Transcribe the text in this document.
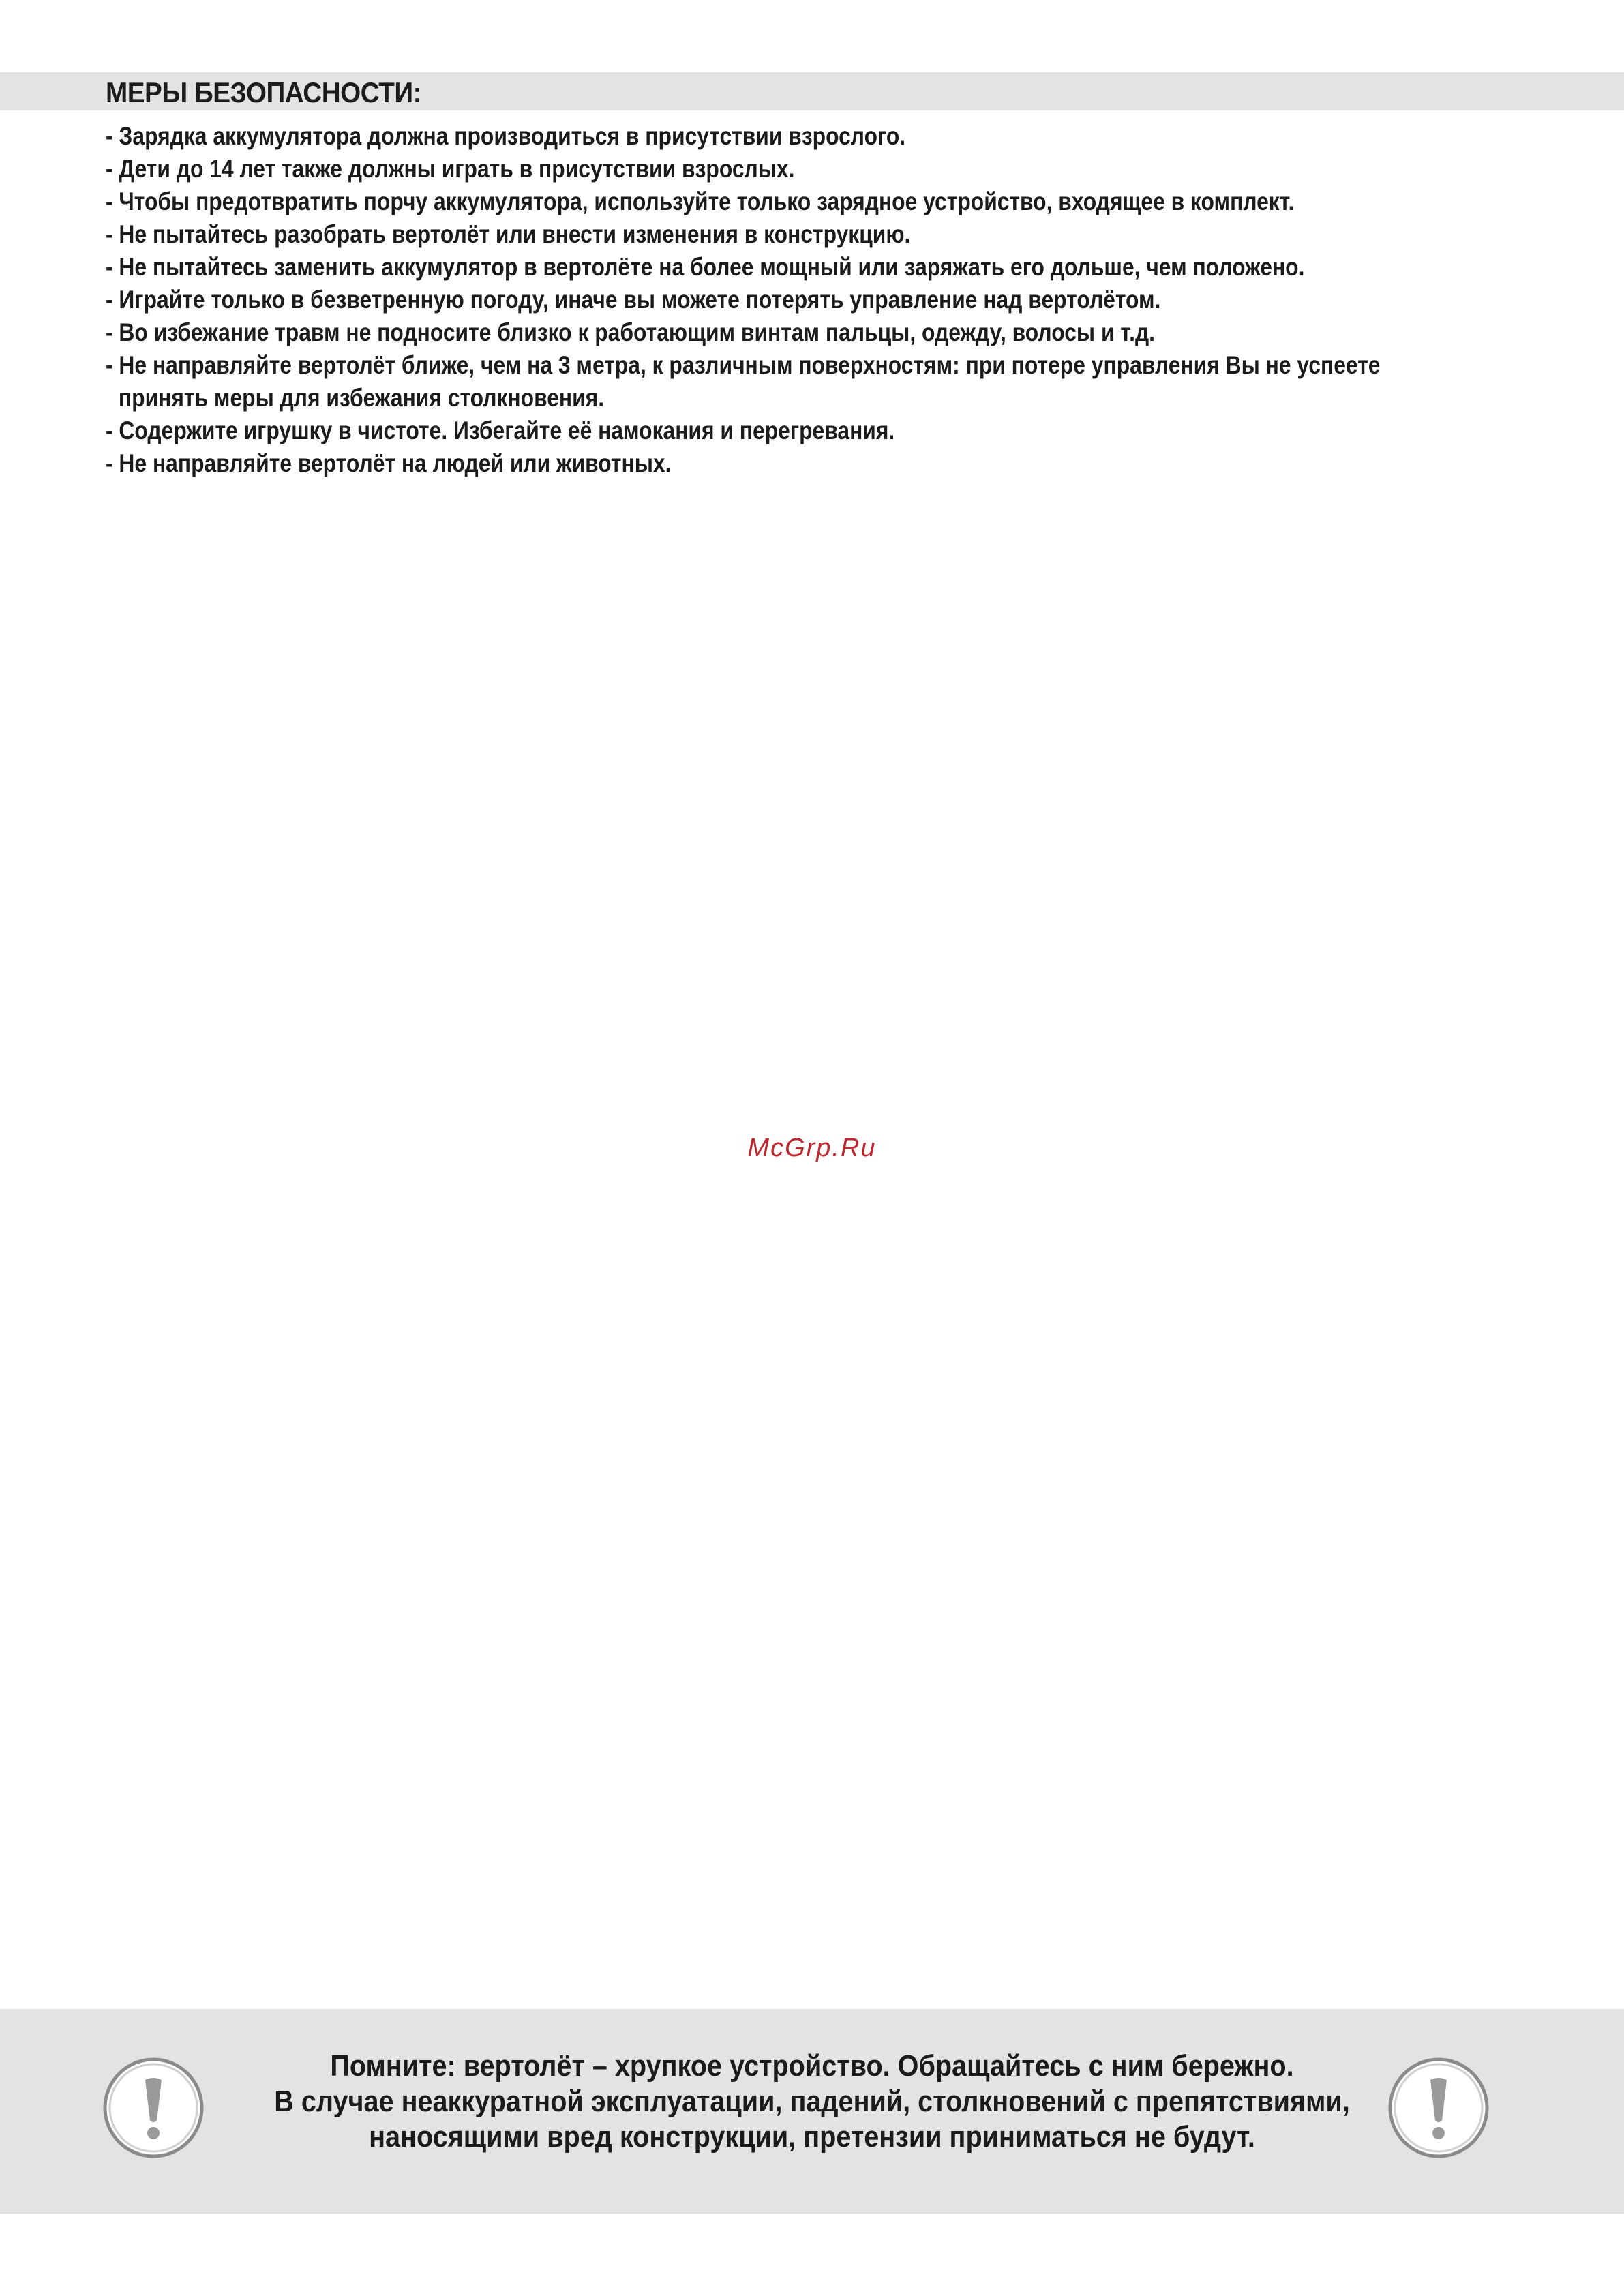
МЕРЫ БЕЗОПАСНОСТИ:
- Зарядка аккумулятора должна производиться в присутствии взрослого.
- Дети до 14 лет также должны играть в присутствии взрослых.
- Чтобы предотвратить порчу аккумулятора, используйте только зарядное устройство, входящее в комплект.
- Не пытайтесь разобрать вертолёт или внести изменения в конструкцию.
- Не пытайтесь заменить аккумулятор в вертолёте на более мощный или заряжать его дольше, чем положено.
- Играйте только в безветренную погоду, иначе вы можете потерять управление над вертолётом.
- Во избежание травм не подносите близко к работающим винтам пальцы, одежду, волосы и т.д.
- Не направляйте вертолёт ближе, чем на 3 метра, к различным поверхностям: при потере управления Вы не успеете
принять меры для избежания столкновения.
- Содержите игрушку в чистоте. Избегайте её намокания и перегревания.
- Не направляйте вертолёт на людей или животных.
McGrp.Ru
Помните: вертолёт – хрупкое устройство. Обращайтесь с ним бережно.
В случае неаккуратной эксплуатации, падений, столкновений с препятствиями,
наносящими вред конструкции, претензии приниматься не будут.
